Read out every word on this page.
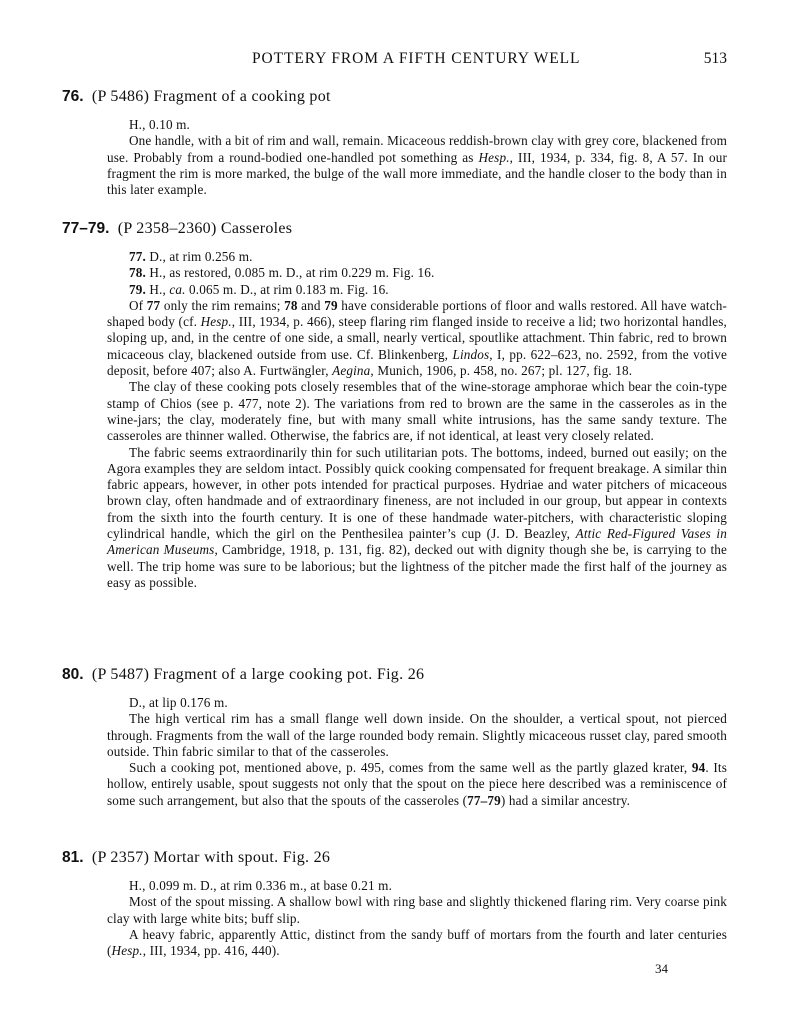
POTTERY FROM A FIFTH CENTURY WELL	513
76. (P 5486) Fragment of a cooking pot

H., 0.10 m.

One handle, with a bit of rim and wall, remain. Micaceous reddish-brown clay with grey core, blackened from use. Probably from a round-bodied one-handled pot something as Hesp., III, 1934, p. 334, fig. 8, A 57. In our fragment the rim is more marked, the bulge of the wall more immediate, and the handle closer to the body than in this later example.

77–79. (P 2358–2360) Casseroles

77. D., at rim 0.256 m.

78. H., as restored, 0.085 m. D., at rim 0.229 m. Fig. 16.

79. H., ca. 0.065 m. D., at rim 0.183 m. Fig. 16.

Of 77 only the rim remains; 78 and 79 have considerable portions of floor and walls restored. All have watch-shaped body (cf. Hesp., III, 1934, p. 466), steep flaring rim flanged inside to receive a lid; two horizontal handles, sloping up, and, in the centre of one side, a small, nearly vertical, spoutlike attachment. Thin fabric, red to brown micaceous clay, blackened outside from use. Cf. Blinkenberg, Lindos, I, pp. 622–623, no. 2592, from the votive deposit, before 407; also A. Furtwängler, Aegina, Munich, 1906, p. 458, no. 267; pl. 127, fig. 18.

The clay of these cooking pots closely resembles that of the wine-storage amphorae which bear the coin-type stamp of Chios (see p. 477, note 2). The variations from red to brown are the same in the casseroles as in the wine-jars; the clay, moderately fine, but with many small white intrusions, has the same sandy texture. The casseroles are thinner walled. Otherwise, the fabrics are, if not identical, at least very closely related.

The fabric seems extraordinarily thin for such utilitarian pots. The bottoms, indeed, burned out easily; on the Agora examples they are seldom intact. Possibly quick cooking compensated for frequent breakage. A similar thin fabric appears, however, in other pots intended for practical purposes. Hydriae and water pitchers of micaceous brown clay, often handmade and of extraordinary fineness, are not included in our group, but appear in contexts from the sixth into the fourth century. It is one of these handmade water-pitchers, with characteristic sloping cylindrical handle, which the girl on the Penthesilea painter’s cup (J. D. Beazley, Attic Red-Figured Vases in American Museums, Cambridge, 1918, p. 131, fig. 82), decked out with dignity though she be, is carrying to the well. The trip home was sure to be laborious; but the lightness of the pitcher made the first half of the journey as easy as possible.

80. (P 5487) Fragment of a large cooking pot. Fig. 26

D., at lip 0.176 m.

The high vertical rim has a small flange well down inside. On the shoulder, a vertical spout, not pierced through. Fragments from the wall of the large rounded body remain. Slightly micaceous russet clay, pared smooth outside. Thin fabric similar to that of the casseroles.

Such a cooking pot, mentioned above, p. 495, comes from the same well as the partly glazed krater, 94. Its hollow, entirely usable, spout suggests not only that the spout on the piece here described was a reminiscence of some such arrangement, but also that the spouts of the casseroles (77–79) had a similar ancestry.

81. (P 2357) Mortar with spout. Fig. 26

H., 0.099 m. D., at rim 0.336 m., at base 0.21 m.

Most of the spout missing. A shallow bowl with ring base and slightly thickened flaring rim. Very coarse pink clay with large white bits; buff slip.

A heavy fabric, apparently Attic, distinct from the sandy buff of mortars from the fourth and later centuries (Hesp., III, 1934, pp. 416, 440).

34
